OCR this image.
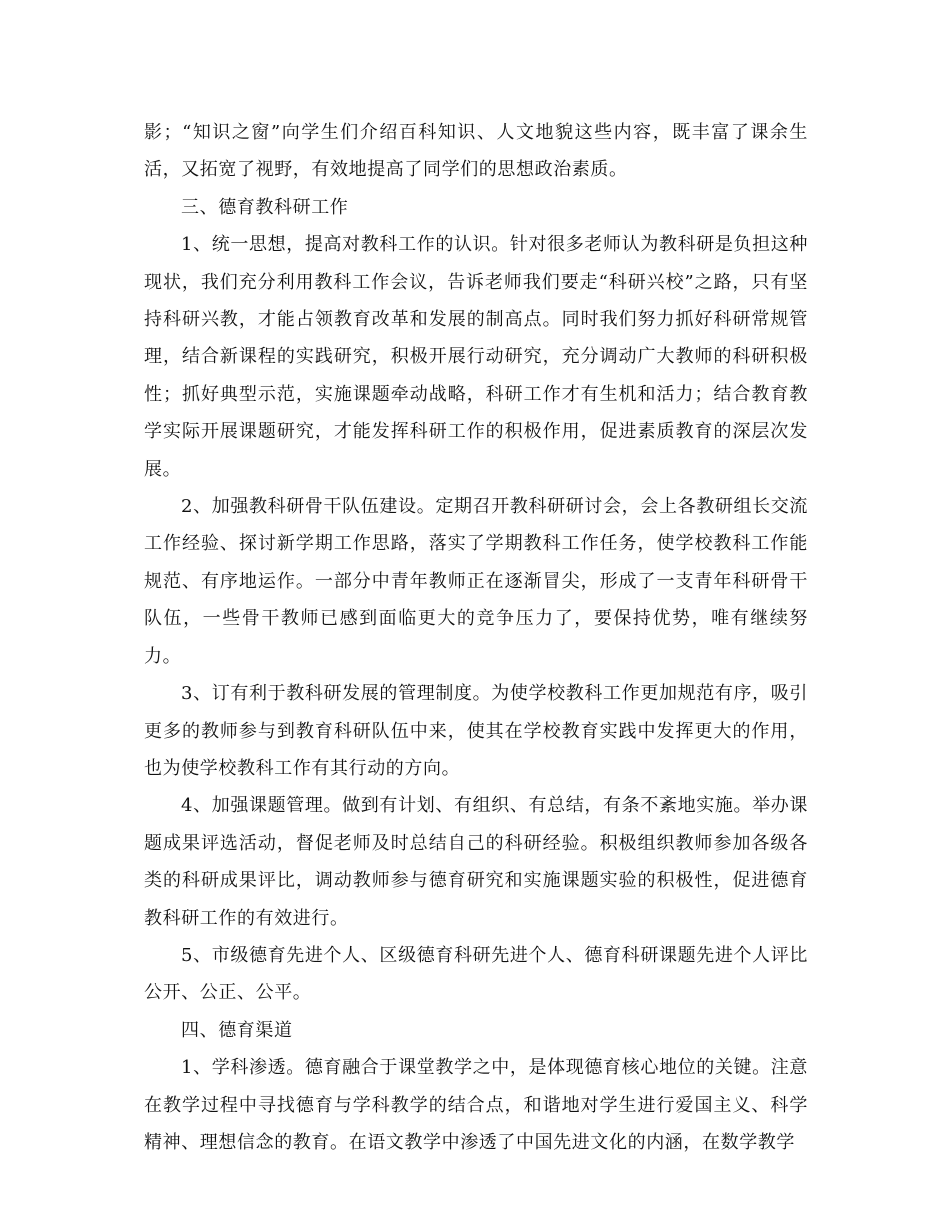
影；“知识之窗”向学生们介绍百科知识、人文地貌这些内容，既丰富了课余生活，又拓宽了视野，有效地提高了同学们的思想政治素质。

三、德育教科研工作

1、统一思想，提高对教科工作的认识。针对很多老师认为教科研是负担这种现状，我们充分利用教科工作会议，告诉老师我们要走“科研兴校”之路，只有坚持科研兴教，才能占领教育改革和发展的制高点。同时我们努力抓好科研常规管理，结合新课程的实践研究，积极开展行动研究，充分调动广大教师的科研积极性；抓好典型示范，实施课题牵动战略，科研工作才有生机和活力；结合教育教学实际开展课题研究，才能发挥科研工作的积极作用，促进素质教育的深层次发展。

2、加强教科研骨干队伍建设。定期召开教科研研讨会，会上各教研组长交流工作经验、探讨新学期工作思路，落实了学期教科工作任务，使学校教科工作能规范、有序地运作。一部分中青年教师正在逐渐冒尖，形成了一支青年科研骨干队伍，一些骨干教师已感到面临更大的竞争压力了，要保持优势，唯有继续努力。

3、订有利于教科研发展的管理制度。为使学校教科工作更加规范有序，吸引更多的教师参与到教育科研队伍中来，使其在学校教育实践中发挥更大的作用，也为使学校教科工作有其行动的方向。

4、加强课题管理。做到有计划、有组织、有总结，有条不紊地实施。举办课题成果评选活动，督促老师及时总结自己的科研经验。积极组织教师参加各级各类的科研成果评比，调动教师参与德育研究和实施课题实验的积极性，促进德育教科研工作的有效进行。

5、市级德育先进个人、区级德育科研先进个人、德育科研课题先进个人评比公开、公正、公平。

四、德育渠道

1、学科渗透。德育融合于课堂教学之中，是体现德育核心地位的关键。注意在教学过程中寻找德育与学科教学的结合点，和谐地对学生进行爱国主义、科学精神、理想信念的教育。在语文教学中渗透了中国先进文化的内涵，在数学教学
